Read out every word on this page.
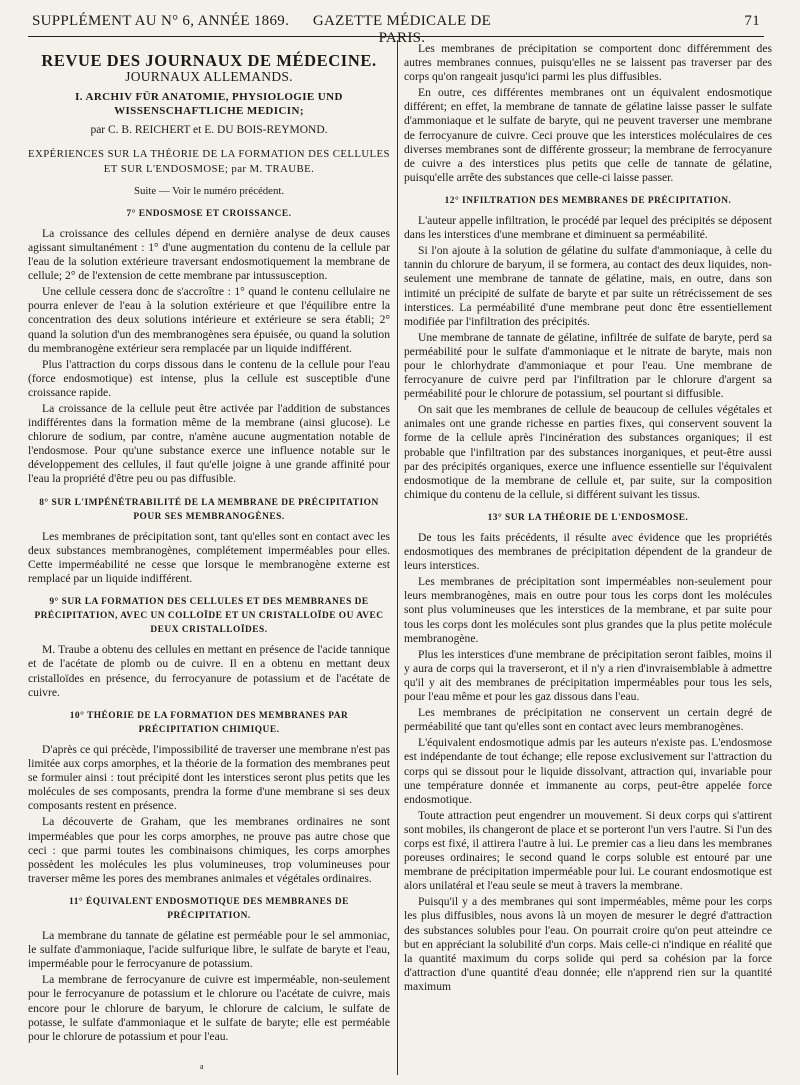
SUPPLÉMENT AU N° 6, ANNÉE 1869.	GAZETTE MÉDICALE DE PARIS.
71
REVUE DES JOURNAUX DE MÉDECINE.
JOURNAUX ALLEMANDS.
I. ARCHIV FÜR ANATOMIE, PHYSIOLOGIE UND WISSENSCHAFTLICHE MEDICIN;
par C. B. REICHERT et E. DU BOIS-REYMOND.
EXPÉRIENCES SUR LA THÉORIE DE LA FORMATION DES CELLULES ET SUR L'ENDOSMOSE; par M. TRAUBE.
Suite — Voir le numéro précédent.
7° ENDOSMOSE ET CROISSANCE.

La croissance des cellules dépend en dernière analyse de deux causes agissant simultanément : 1° d'une augmentation du contenu de la cellule par l'eau de la solution extérieure traversant endosmotiquement la membrane de cellule; 2° de l'extension de cette membrane par intussusception.

Une cellule cessera donc de s'accroître : 1° quand le contenu cellulaire ne pourra enlever de l'eau à la solution extérieure et que l'équilibre entre la concentration des deux solutions intérieure et extérieure se sera établi; 2° quand la solution d'un des membranogènes sera épuisée, ou quand la solution du membranogène extérieur sera remplacée par un liquide indifférent.

Plus l'attraction du corps dissous dans le contenu de la cellule pour l'eau (force endosmotique) est intense, plus la cellule est susceptible d'une croissance rapide.

La croissance de la cellule peut être activée par l'addition de substances indifférentes dans la formation même de la membrane (ainsi glucose). Le chlorure de sodium, par contre, n'amène aucune augmentation notable de l'endosmose. Pour qu'une substance exerce une influence notable sur le développement des cellules, il faut qu'elle joigne à une grande affinité pour l'eau la propriété d'être peu ou pas diffusible.

8° SUR L'IMPÉNÉTRABILITÉ DE LA MEMBRANE DE PRÉCIPITATION POUR SES MEMBRANOGÈNES.

Les membranes de précipitation sont, tant qu'elles sont en contact avec les deux substances membranogènes, complétement imperméables pour elles. Cette imperméabilité ne cesse que lorsque le membranogène externe est remplacé par un liquide indifférent.

9° SUR LA FORMATION DES CELLULES ET DES MEMBRANES DE PRÉCIPITATION, AVEC UN COLLOÏDE ET UN CRISTALLOÏDE OU AVEC DEUX CRISTALLOÏDES.

M. Traube a obtenu des cellules en mettant en présence de l'acide tannique et de l'acétate de plomb ou de cuivre. Il en a obtenu en mettant deux cristalloïdes en présence, du ferrocyanure de potassium et de l'acétate de cuivre.

10° THÉORIE DE LA FORMATION DES MEMBRANES PAR PRÉCIPITATION CHIMIQUE.

D'après ce qui précède, l'impossibilité de traverser une membrane n'est pas limitée aux corps amorphes, et la théorie de la formation des membranes peut se formuler ainsi : tout précipité dont les interstices seront plus petits que les molécules de ses composants, prendra la forme d'une membrane si ses deux composants restent en présence.

La découverte de Graham, que les membranes ordinaires ne sont imperméables que pour les corps amorphes, ne prouve pas autre chose que ceci : que parmi toutes les combinaisons chimiques, les corps amorphes possèdent les molécules les plus volumineuses, trop volumineuses pour traverser même les pores des membranes animales et végétales ordinaires.

11° ÉQUIVALENT ENDOSMOTIQUE DES MEMBRANES DE PRÉCIPITATION.

La membrane du tannate de gélatine est perméable pour le sel ammoniac, le sulfate d'ammoniaque, l'acide sulfurique libre, le sulfate de baryte et l'eau, imperméable pour le ferrocyanure de potassium.

La membrane de ferrocyanure de cuivre est imperméable, non-seulement pour le ferrocyanure de potassium et le chlorure ou l'acétate de cuivre, mais encore pour le chlorure de baryum, le chlorure de calcium, le sulfate de potasse, le sulfate d'ammoniaque et le sulfate de baryte; elle est perméable pour le chlorure de potassium et pour l'eau.

Les membranes de précipitation se comportent donc différemment des autres membranes connues, puisqu'elles ne se laissent pas traverser par des corps qu'on rangeait jusqu'ici parmi les plus diffusibles.

En outre, ces différentes membranes ont un équivalent endosmotique différent; en effet, la membrane de tannate de gélatine laisse passer le sulfate d'ammoniaque et le sulfate de baryte, qui ne peuvent traverser une membrane de ferrocyanure de cuivre. Ceci prouve que les interstices moléculaires de ces diverses membranes sont de différente grosseur; la membrane de ferrocyanure de cuivre a des interstices plus petits que celle de tannate de gélatine, puisqu'elle arrête des substances que celle-ci laisse passer.

12° INFILTRATION DES MEMBRANES DE PRÉCIPITATION.

L'auteur appelle infiltration, le procédé par lequel des précipités se déposent dans les interstices d'une membrane et diminuent sa perméabilité.

Si l'on ajoute à la solution de gélatine du sulfate d'ammoniaque, à celle du tannin du chlorure de baryum, il se formera, au contact des deux liquides, non-seulement une membrane de tannate de gélatine, mais, en outre, dans son intimité un précipité de sulfate de baryte et par suite un rétrécissement de ses interstices. La perméabilité d'une membrane peut donc être essentiellement modifiée par l'infiltration des précipités.

Une membrane de tannate de gélatine, infiltrée de sulfate de baryte, perd sa perméabilité pour le sulfate d'ammoniaque et le nitrate de baryte, mais non pour le chlorhydrate d'ammoniaque et pour l'eau. Une membrane de ferrocyanure de cuivre perd par l'infiltration par le chlorure d'argent sa perméabilité pour le chlorure de potassium, sel pourtant si diffusible.

On sait que les membranes de cellule de beaucoup de cellules végétales et animales ont une grande richesse en parties fixes, qui conservent souvent la forme de la cellule après l'incinération des substances organiques; il est probable que l'infiltration par des substances inorganiques, et peut-être aussi par des précipités organiques, exerce une influence essentielle sur l'équivalent endosmotique de la membrane de cellule et, par suite, sur la composition chimique du contenu de la cellule, si différent suivant les tissus.

13° SUR LA THÉORIE DE L'ENDOSMOSE.

De tous les faits précédents, il résulte avec évidence que les propriétés endosmotiques des membranes de précipitation dépendent de la grandeur de leurs interstices.

Les membranes de précipitation sont imperméables non-seulement pour leurs membranogènes, mais en outre pour tous les corps dont les molécules sont plus volumineuses que les interstices de la membrane, et par suite pour tous les corps dont les molécules sont plus grandes que la plus petite molécule membranogène.

Plus les interstices d'une membrane de précipitation seront faibles, moins il y aura de corps qui la traverseront, et il n'y a rien d'invraisemblable à admettre qu'il y ait des membranes de précipitation imperméables pour tous les sels, pour l'eau même et pour les gaz dissous dans l'eau.

Les membranes de précipitation ne conservent un certain degré de perméabilité que tant qu'elles sont en contact avec leurs membranogènes.

L'équivalent endosmotique admis par les auteurs n'existe pas. L'endosmose est indépendante de tout échange; elle repose exclusivement sur l'attraction du corps qui se dissout pour le liquide dissolvant, attraction qui, invariable pour une température donnée et immanente au corps, peut-être appelée force endosmotique.

Toute attraction peut engendrer un mouvement. Si deux corps qui s'attirent sont mobiles, ils changeront de place et se porteront l'un vers l'autre. Si l'un des corps est fixé, il attirera l'autre à lui. Le premier cas a lieu dans les membranes poreuses ordinaires; le second quand le corps soluble est entouré par une membrane de précipitation imperméable pour lui. Le courant endosmotique est alors unilatéral et l'eau seule se meut à travers la membrane.

Puisqu'il y a des membranes qui sont imperméables, même pour les corps les plus diffusibles, nous avons là un moyen de mesurer le degré d'attraction des substances solubles pour l'eau. On pourrait croire qu'on peut atteindre ce but en appréciant la solubilité d'un corps. Mais celle-ci n'indique en réalité que la quantité maximum du corps solide qui perd sa cohésion par la force d'attraction d'une quantité d'eau donnée; elle n'apprend rien sur la quantité maximum

a
